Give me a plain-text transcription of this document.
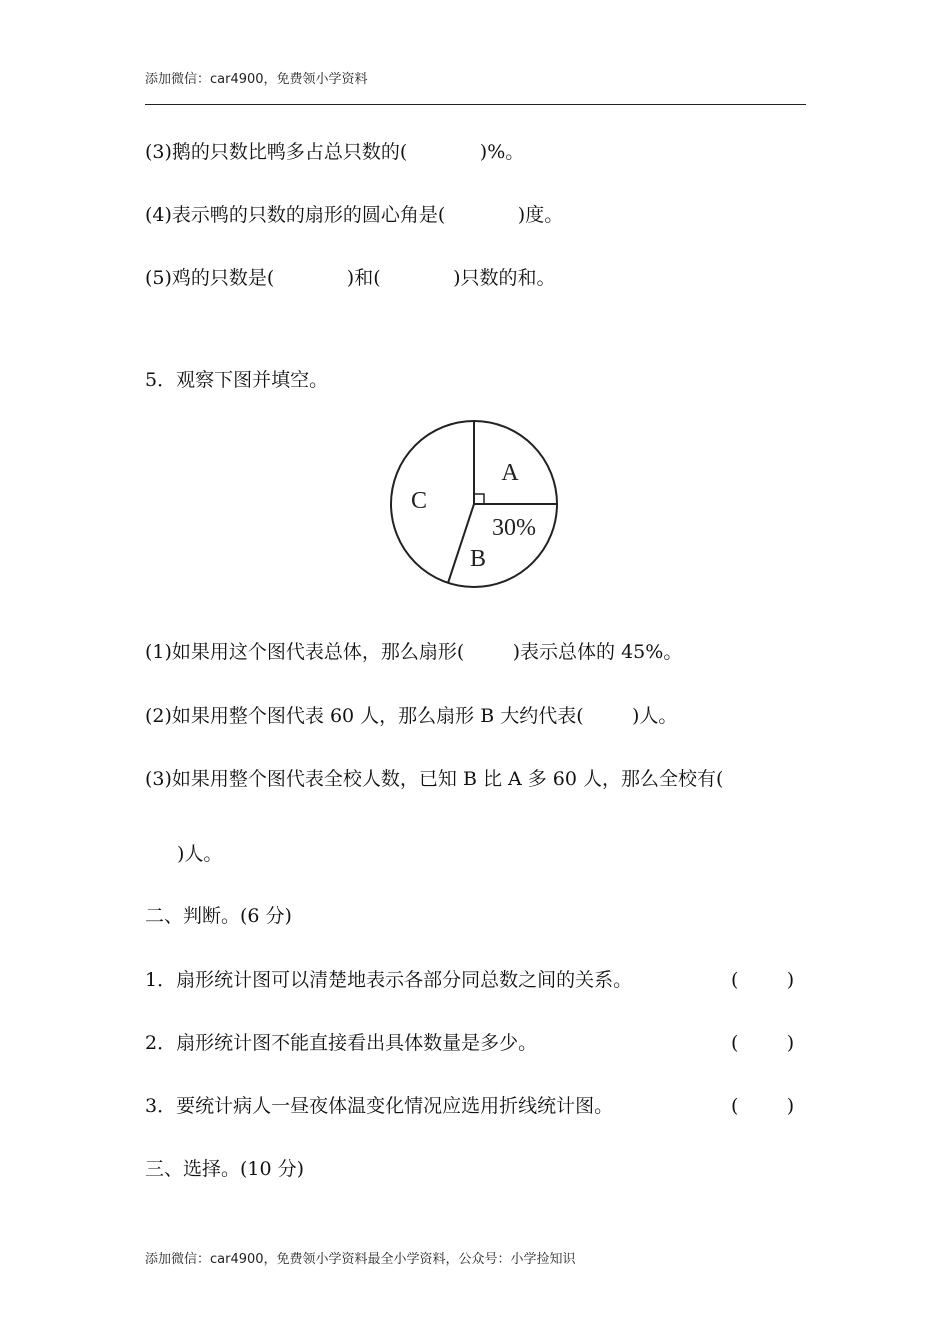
添加微信：car4900，免费领小学资料
(3)鹅的只数比鸭多占总只数的(            )%。
(4)表示鸭的只数的扇形的圆心角是(            )度。
(5)鸡的只数是(            )和(            )只数的和。
5．观察下图并填空。
A
B
C
30%
(1)如果用这个图代表总体，那么扇形(        )表示总体的 45%。
(2)如果用整个图代表 60 人，那么扇形 B 大约代表(        )人。
(3)如果用整个图代表全校人数，已知 B 比 A 多 60 人，那么全校有(
)人。
二、判断。(6 分)
1．扇形统计图可以清楚地表示各部分同总数之间的关系。	(        )
2．扇形统计图不能直接看出具体数量是多少。	(        )
3．要统计病人一昼夜体温变化情况应选用折线统计图。	(        )
三、选择。(10 分)
添加微信：car4900，免费领小学资料最全小学资料，公众号：小学捡知识
